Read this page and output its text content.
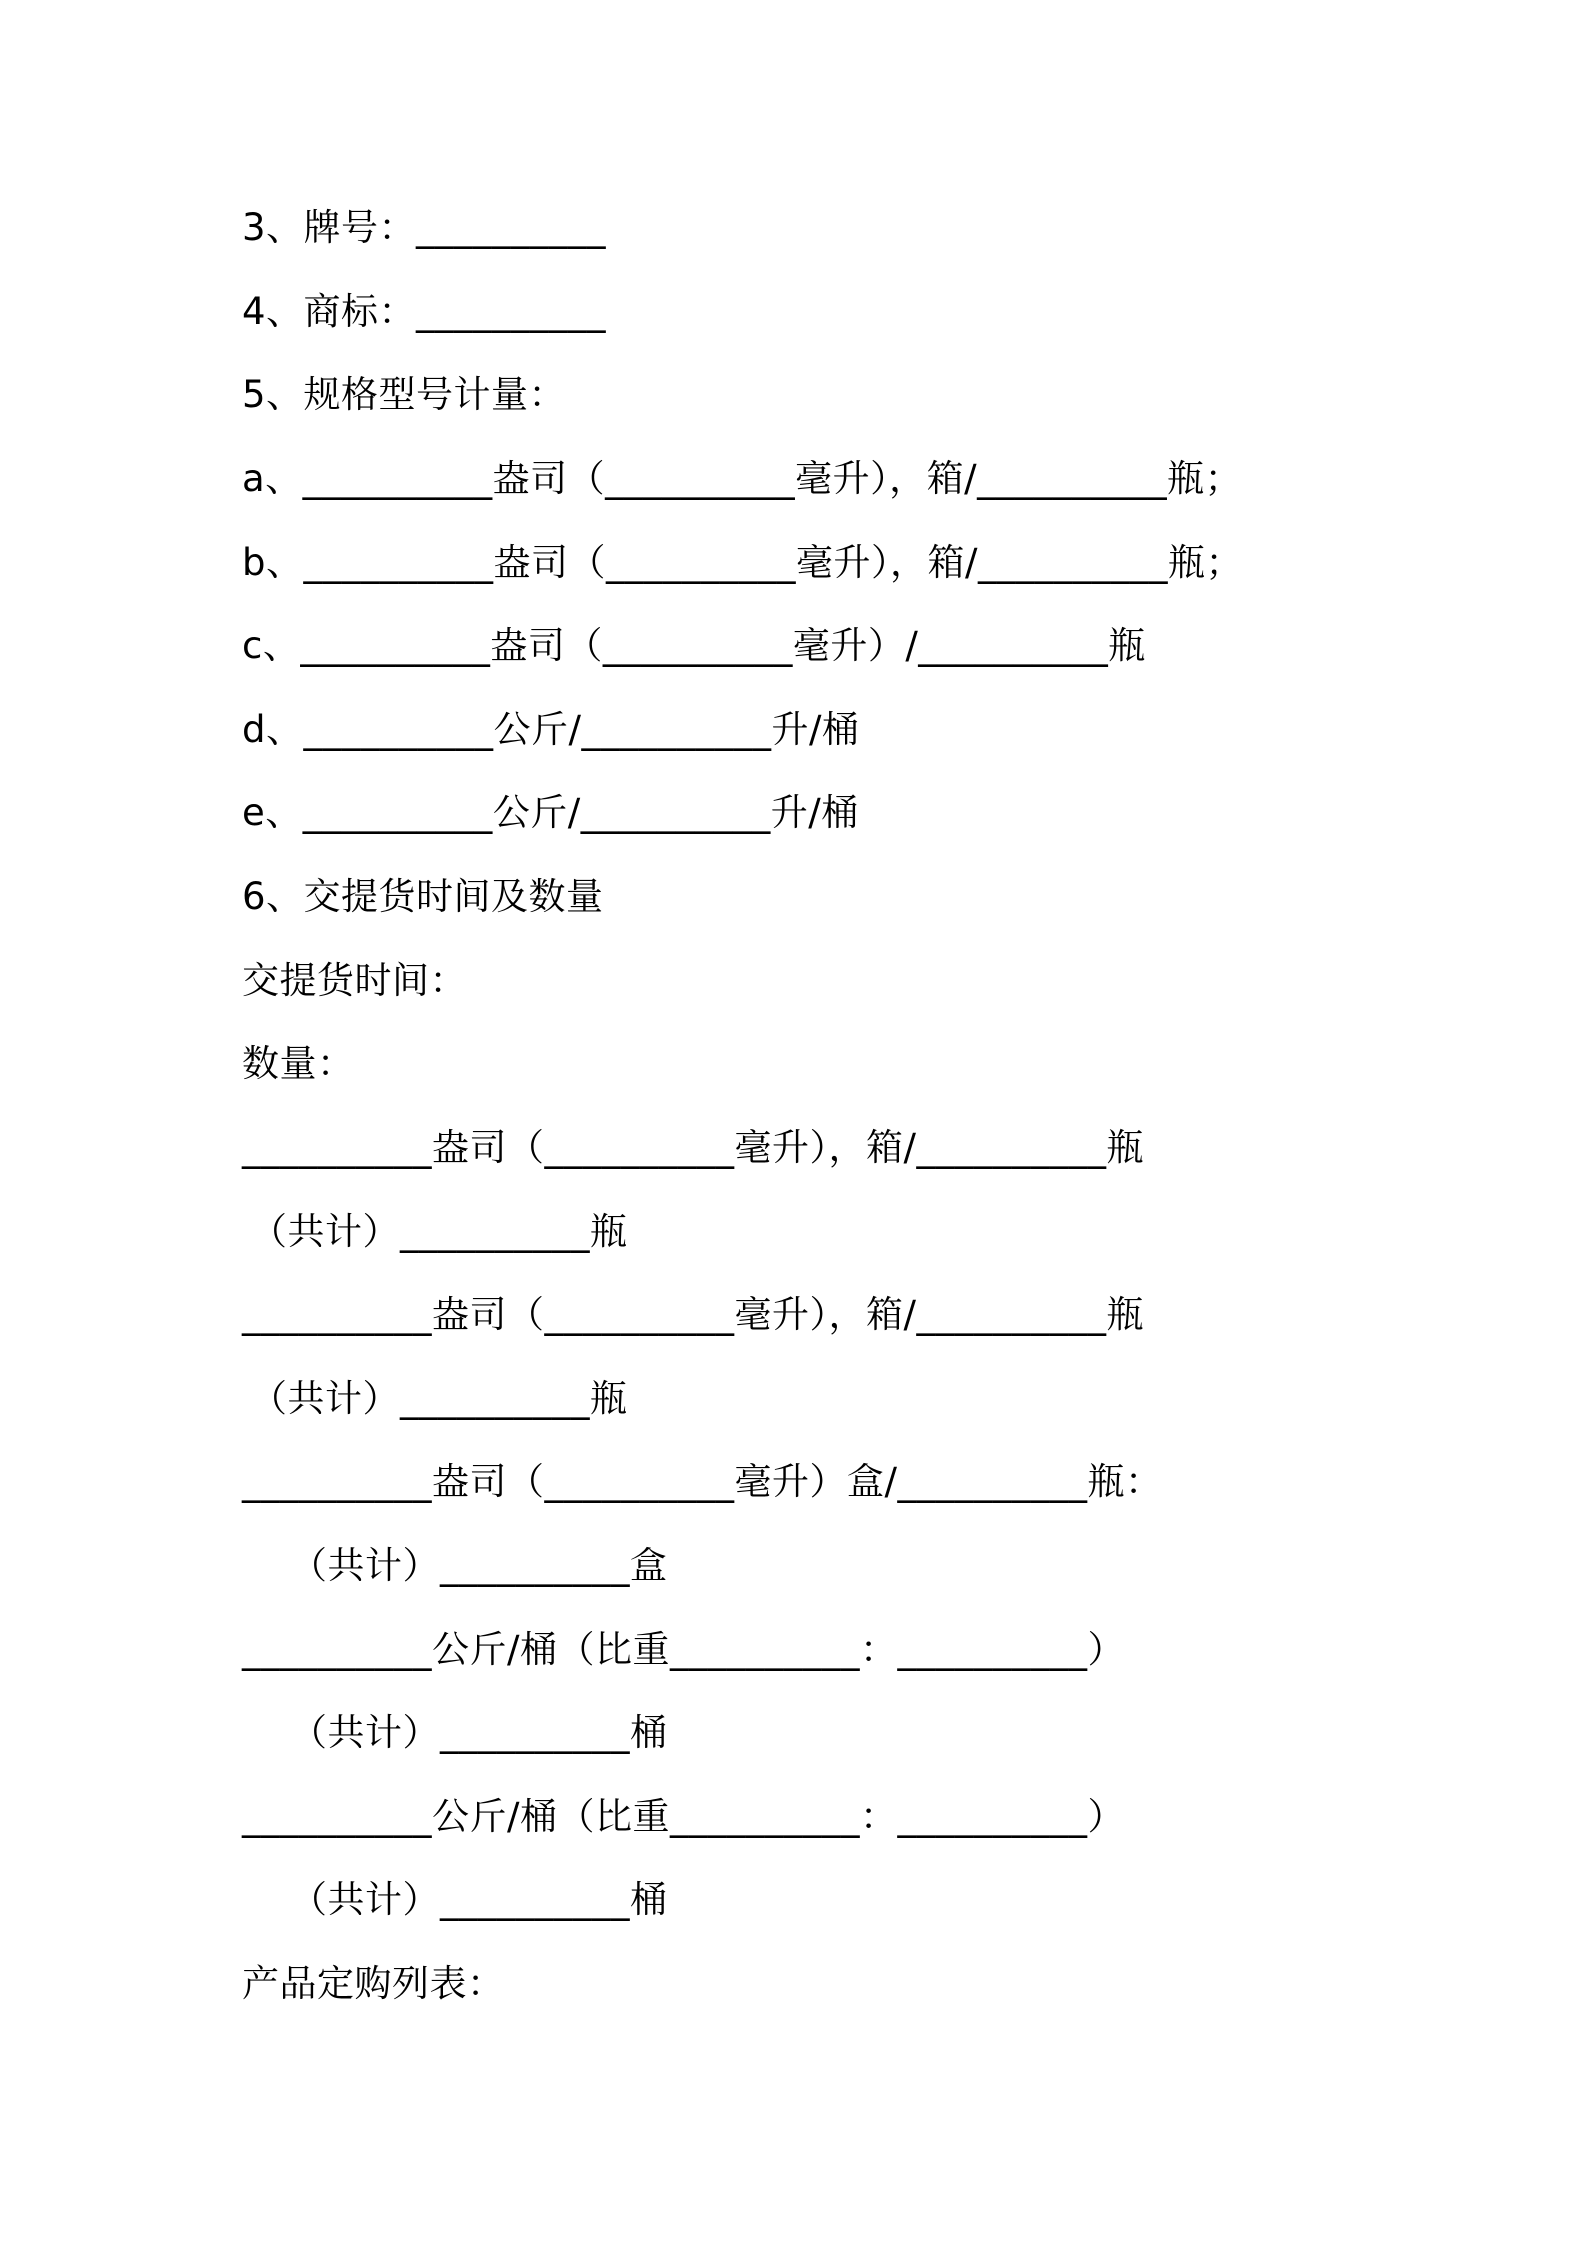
3、牌号：__________
4、商标：__________
5、规格型号计量：
a、__________盎司（__________毫升），箱/__________瓶；
b、__________盎司（__________毫升），箱/__________瓶；
c、__________盎司（__________毫升）/__________瓶
d、__________公斤/__________升/桶
e、__________公斤/__________升/桶
6、交提货时间及数量
交提货时间：
数量：
__________盎司（__________毫升），箱/__________瓶
（共计）__________瓶
__________盎司（__________毫升），箱/__________瓶
（共计）__________瓶
__________盎司（__________毫升）盒/__________瓶：
（共计）__________盒
__________公斤/桶（比重__________：__________）
（共计）__________桶
__________公斤/桶（比重__________：__________）
（共计）__________桶
产品定购列表：
